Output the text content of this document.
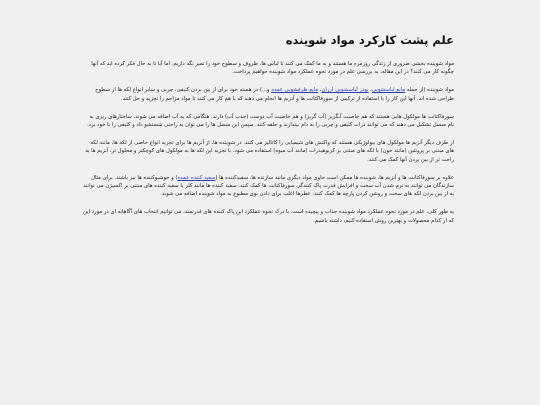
علم پشت کارکرد مواد شوینده

مواد شوینده بخشی ضروری از زندگی روزمره ما هستند و به ما کمک می کنند تا لباس ها، ظروف و سطوح خود را تمیز نگه داریم. اما آیا تا به حال فکر کرده اید که آنها چگونه کار می کنند؟ در این مقاله، به بررسی علم در مورد نحوه عملکرد مواد شوینده خواهیم پرداخت.

مواد شوینده (از جمله مایع لباسشویی، پودر لباسشویی ارزان، مایع ظرفشویی عمده و...) در هسته خود برای از بین بردن کثیفی، چربی و سایر انواع لکه ها از سطوح طراحی شده اند. آنها این کار را با استفاده از ترکیبی از سورفاکتانت ها و آنزیم ها انجام می دهند که با هم کار می کنند تا مواد مزاحم را تجزیه و حل کنند.

سورفاکتانت ها مولکول هایی هستند که هم خاصیت آبگریز (آب گریز) و هم خاصیت آب دوست (جذب آب) دارند. هنگامی که به آب اضافه می شوند، ساختارهای ریزی به نام میسل تشکیل می دهند که می توانند ذرات کثیفی و چربی را به دام بیندازند و حلقه کنند. سپس این میسل ها را می توان به راحتی شستشو داد و کثیفی را با خود برد.

از طرف دیگر آنزیم ها مولکول های بیولوژیکی هستند که واکنش های شیمیایی را کاتالیز می کنند. در شوینده ها، از آنزیم ها برای تجزیه انواع خاصی از لکه ها، مانند لکه های مبتنی بر پروتئین (مانند خون) یا لکه های مبتنی بر کربوهیدرات (مانند آب میوه) استفاده می شود. با تجزیه این لکه ها به مولکول های کوچکتر و محلول تر، آنزیم ها به راحت تر از بین بردن آنها کمک می کنند.

علاوه بر سورفاکتانت ها و آنزیم ها، شوینده ها ممکن است حاوی مواد دیگری مانند سازنده ها، سفیدکننده ها (سفید کننده عمده) و خوشبوکننده ها نیز باشند. برای مثال سازندگان می توانند به نرم شدن آب سخت و افزایش قدرت پاک کنندگی سورفاکتانت ها کمک کنند. سفید کننده ها مانند کلر یا سفید کننده های مبتنی بر اکسیژن می توانند به از بین بردن لکه های سخت و روشن کردن پارچه ها کمک کنند. عطرها اغلب برای دادن بوی مطبوع به مواد شوینده اضافه می شوند.

به طور کلی، علم در مورد نحوه عملکرد مواد شوینده جذاب و پیچیده است. با درک نحوه عملکرد این پاک کننده های قدرتمند، می توانیم انتخاب های آگاهانه ای در مورد این که از کدام محصولات و بهترین روش استفاده کنیم، داشته باشیم.
